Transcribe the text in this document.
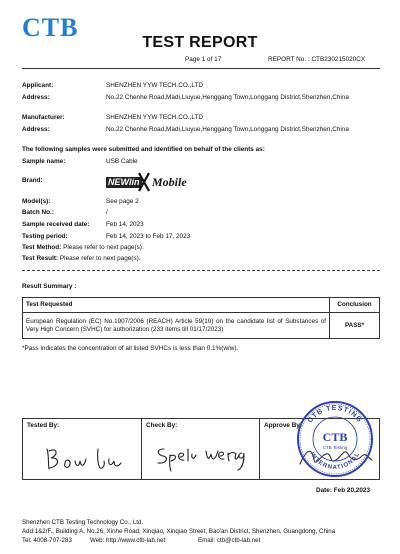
CTB
TEST REPORT
Page 1 of 17	REPORT No. : CTB230215020CX
Applicant:	SHENZHEN YYW TECH.CO.,LTD
Address:	No.22 Chenhe Road,Madi,Liuyue,Henggang Town,Longgang District,Shenzhen,China
Manufacturer:	SHENZHEN YYW TECH.CO.,LTD
Address:	No.22 Chenhe Road,Madi,Liuyue,Henggang Town,Longgang District,Shenzhen,China
The following samples were submitted and identified on behalf of the clients as:
Sample name:	USB Cable
Brand:	NEWlin Mobile
Model(s):	See page 2
Batch No.:	/
Sample received date:	Feb 14, 2023
Testing period:	Feb 14, 2023 to Feb 17, 2023
Test Method: Please refer to next page(s).
Test Result: Please refer to next page(s).
Result Summary :
Test Requested	Conclusion
European Regulation (EC) No.1907/2006 (REACH) Article 59(10) on the candidate list of Substances of Very High Concern (SVHC) for authorization (233 items till 01/17/2023)	PASS*
*Pass indicates the concentration of all listed SVHCs is less than 0.1%(w/w).
Tested By:	Check By:	Approve By:
CTB TESTING
INTERNATIONAL
CTB
CTB Testing
Date: Feb 20,2023
Shenzhen CTB Testing Technology Co., Ltd.
Add:1&2/F., Building A, No.26, Xinhe Road, Xinqiao, Xinqiao Street, Bao'an District, Shenzhen, Guangdong, China
Tel: 4008-707-283	Web: http://www.ctb-lab.net	Email: ctb@ctb-lab.net
